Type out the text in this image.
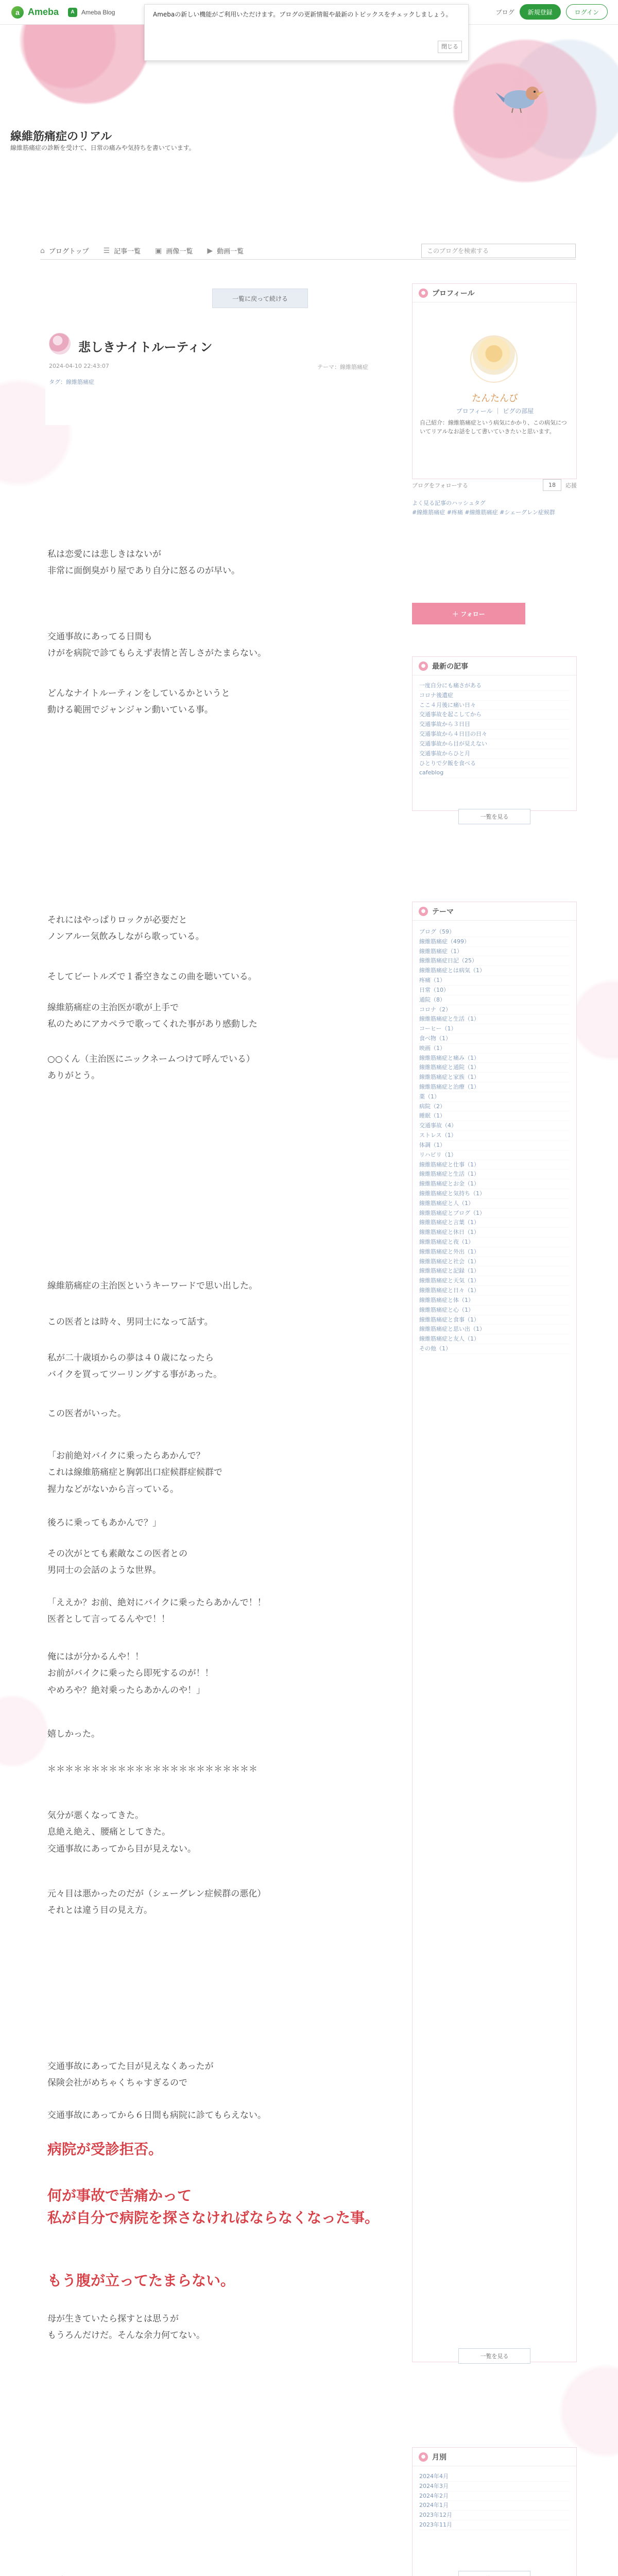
a Ameba	A	Ameba Blog	ブログ	新規登録	ログイン
Amebaの新しい機能がご利用いただけます。ブログの更新情報や最新のトピックスをチェックしましょう。
閉じる
線維筋痛症のリアル
線維筋痛症の診断を受けて、日常の痛みや気持ちを書いています。
⌂ ブログトップ ☰ 記事一覧 ▣ 画像一覧 ▶ 動画一覧	このブログを検索する
一覧に戻って続ける
悲しきナイトルーティン
2024-04-10 22:43:07	テーマ：線維筋痛症
タグ：線維筋痛症
私は恋愛には悲しきはないが
非常に面倒臭がり屋であり自分に怒るのが早い。
交通事故にあってる日間も
けがを病院で診てもらえず表情と苦しさがたまらない。
どんなナイトルーティンをしているかというと
動ける範囲でジャンジャン動いている事。
それにはやっぱりロックが必要だと
ノンアルー気飲みしながら歌っている。
そしてビートルズで１番空きなこの曲を聴いている。
線維筋痛症の主治医が歌が上手で
私のためにアカペラで歌ってくれた事があり感動した
○○くん（主治医にニックネームつけて呼んでいる）
ありがとう。
線維筋痛症の主治医というキーワードで思い出した。
この医者とは時々、男同士になって話す。
私が二十歳頃からの夢は４０歳になったら
バイクを買ってツーリングする事があった。
この医者がいった。
「お前絶対バイクに乗ったらあかんで？
これは線維筋痛症と胸郭出口症候群症候群で
握力などがないから言っている。
後ろに乗ってもあかんで？」
その次がとても素敵なこの医者との
男同士の会話のような世界。
「ええか？お前、絶対にバイクに乗ったらあかんで！！
医者として言ってるんやで！！
俺にはが分かるんや！！
お前がバイクに乗ったら即死するのが！！
やめろや？絶対乗ったらあかんのや！」
嬉しかった。
＊＊＊＊＊＊＊＊＊＊＊＊＊＊＊＊＊＊＊＊＊＊＊＊
気分が悪くなってきた。
息絶え絶え、腰痛としてきた。
交通事故にあってから目が見えない。
元々目は悪かったのだが（シェーグレン症候群の悪化）
それとは違う目の見え方。
交通事故にあってた目が見えなくあったが
保険会社がめちゃくちゃすぎるので
交通事故にあってから６日間も病院に診てもらえない。
病院が受診拒否。
何が事故で苦痛かって
私が自分で病院を探さなければならなくなった事。
もう腹が立ってたまらない。
母が生きていたら探すとは思うが
もうろんだけだ。そんな余力何てない。

● プロフィール
たんたんび
プロフィール ｜ ピグの部屋
自己紹介：線維筋痛症という病気にかかり、この病気についてリアルなお話をして書いていきたいと思います。
ブログをフォローする	18	応援
よく見る記事のハッシュタグ
#線維筋痛症 #疼痛 #線維筋痛症 #シェーグレン症候群
＋ フォロー
● 最新の記事
一度自分にも痛さがある
コロナ後遺症
ここ４月後に痛い日々
交通事故を起こしてから
交通事故から３日目
交通事故から４日目の日々
交通事故から目が見えない
交通事故からひと月
ひとりで夕飯を食べる
cafeblog
一覧を見る
● テーマ
ブログ（59）
線維筋痛症（499）
線維筋痛症（1）
線維筋痛症日記（25）
線維筋痛症とは病気（1）
疼痛（1）
日常（10）
通院（8）
コロナ（2）
線維筋痛症と生活（1）
コーヒー（1）
食べ物（1）
映画（1）
線維筋痛症と痛み（1）
線維筋痛症と通院（1）
線維筋痛症と家族（1）
線維筋痛症と治療（1）
薬（1）
病院（2）
睡眠（1）
交通事故（4）
ストレス（1）
体調（1）
リハビリ（1）
線維筋痛症と仕事（1）
線維筋痛症と生活（1）
線維筋痛症とお金（1）
線維筋痛症と気持ち（1）
線維筋痛症と人（1）
線維筋痛症とブログ（1）
線維筋痛症と言葉（1）
線維筋痛症と休日（1）
線維筋痛症と夜（1）
線維筋痛症と外出（1）
線維筋痛症と社会（1）
線維筋痛症と記録（1）
線維筋痛症と天気（1）
線維筋痛症と日々（1）
線維筋痛症と体（1）
線維筋痛症と心（1）
線維筋痛症と食事（1）
線維筋痛症と思い出（1）
線維筋痛症と友人（1）
その他（1）
一覧を見る
● 月別
2024年4月
2024年3月
2024年2月
2024年1月
2023年12月
2023年11月
